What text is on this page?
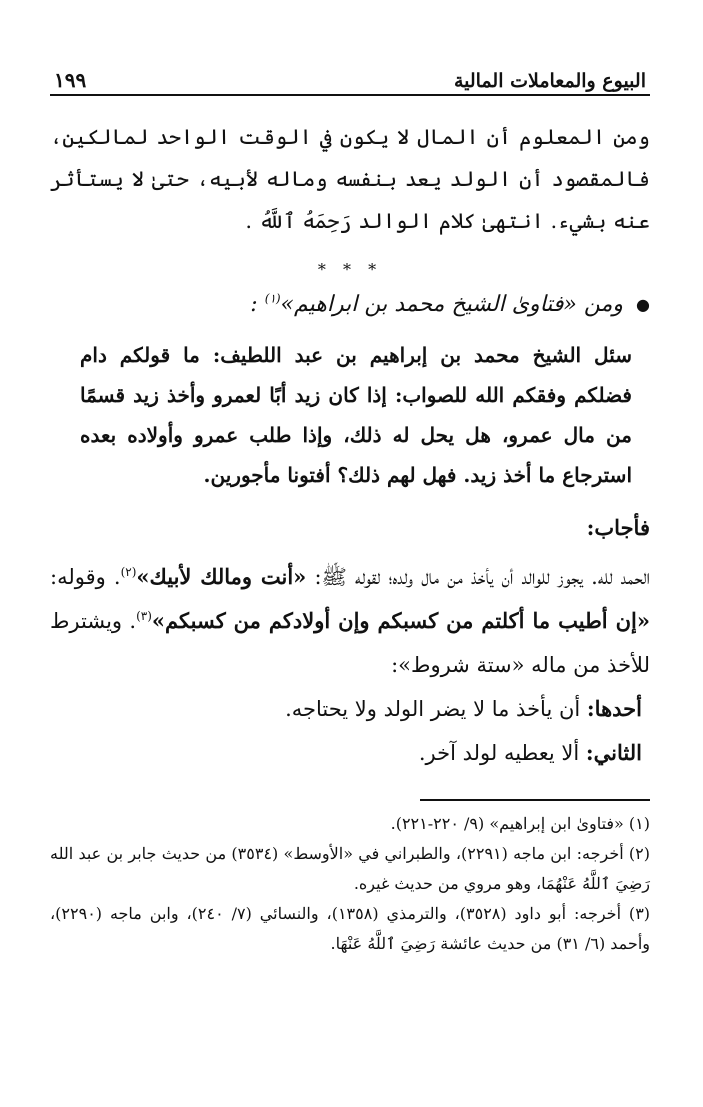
البيوع والمعاملات المالية
١٩٩

ومن المعلوم أن المال لا يكون في الوقت الواحد لمالكين، فالمقصود أن الولد يعد بنفسه وماله لأبيه، حتىٰ لا يستأثر عنه بشيء. انتهىٰ كلام الوالد رَحِمَهُ ٱللَّهُ .

* * *

● ومن «فتاوىٰ الشيخ محمد بن ابراهيم»$^{(١)}$ :

سئل الشيخ محمد بن إبراهيم بن عبد اللطيف: ما قولكم دام فضلكم وفقكم الله للصواب: إذا كان زيد أبًا لعمرو وأخذ زيد قسمًا من مال عمرو، هل يحل له ذلك، وإذا طلب عمرو وأولاده بعده استرجاع ما أخذ زيد. فهل لهم ذلك؟ أفتونا مأجورين.

فأجاب:

الحمد لله. يجوز للوالد أن يأخذ من مال ولده؛ لقوله ﷺ: «أنت ومالك لأبيك»$^{(٢)}$. وقوله: «إن أطيب ما أكلتم من كسبكم وإن أولادكم من كسبكم»$^{(٣)}$. ويشترط للأخذ من ماله «ستة شروط»:

أحدها: أن يأخذ ما لا يضر الولد ولا يحتاجه.

الثاني: ألا يعطيه لولد آخر.

(١) «فتاوىٰ ابن إبراهيم» (٩/ ٢٢٠-٢٢١).

(٢) أخرجه: ابن ماجه (٢٢٩١)، والطبراني في «الأوسط» (٣٥٣٤) من حديث جابر بن عبد الله رَضِيَ ٱللَّهُ عَنْهُمَا، وهو مروي من حديث غيره.

(٣) أخرجه: أبو داود (٣٥٢٨)، والترمذي (١٣٥٨)، والنسائي (٧/ ٢٤٠)، وابن ماجه (٢٢٩٠)، وأحمد (٦/ ٣١) من حديث عائشة رَضِيَ ٱللَّهُ عَنْهَا.
